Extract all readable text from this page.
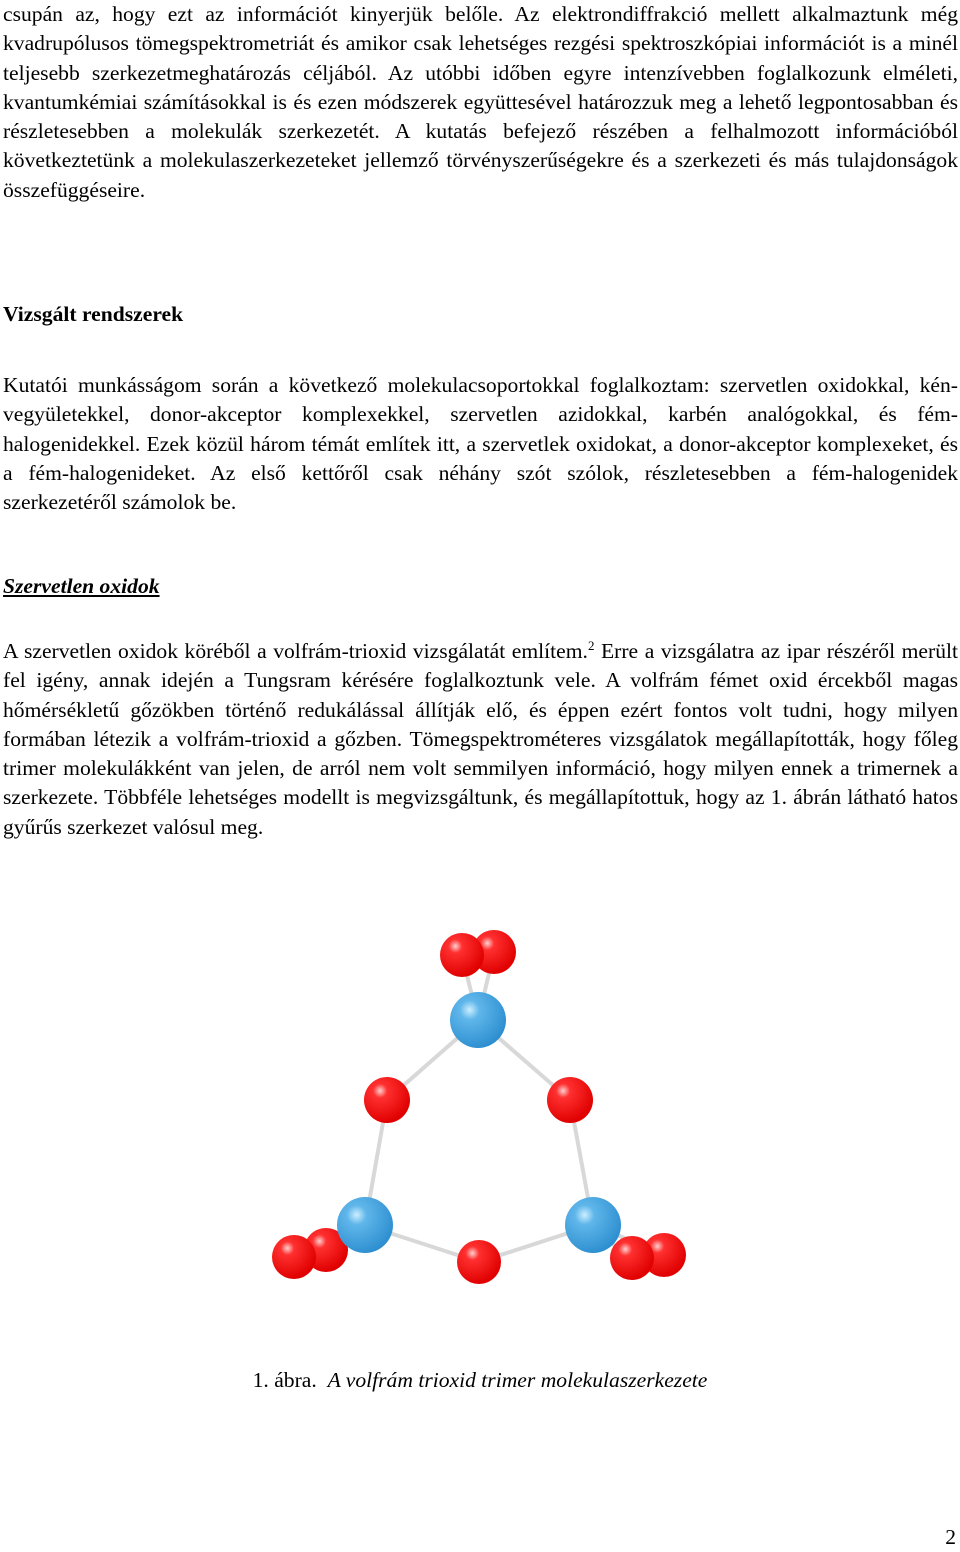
csupán az, hogy ezt az információt kinyerjük belőle. Az elektrondiffrakció mellett alkalmaztunk még kvadrupólusos tömegspektrometriát és amikor csak lehetséges rezgési spektroszkópiai információt is a minél teljesebb szerkezetmeghatározás céljából. Az utóbbi időben egyre intenzívebben foglalkozunk elméleti, kvantumkémiai számításokkal is és ezen módszerek együttesével határozzuk meg a lehető legpontosabban és részletesebben a molekulák szerkezetét. A kutatás befejező részében a felhalmozott információból következtetünk a molekulaszerkezeteket jellemző törvényszerűségekre és a szerkezeti és más tulajdonságok összefüggéseire.

Vizsgált rendszerek

Kutatói munkásságom során a következő molekulacsoportokkal foglalkoztam: szervetlen oxidokkal, kén-vegyületekkel, donor-akceptor komplexekkel, szervetlen azidokkal, karbén analógokkal, és fém-halogenidekkel. Ezek közül három témát említek itt, a szervetlek oxidokat, a donor-akceptor komplexeket, és a fém-halogenideket. Az első kettőről csak néhány szót szólok, részletesebben a fém-halogenidek szerkezetéről számolok be.

Szervetlen oxidok

A szervetlen oxidok köréből a volfrám-trioxid vizsgálatát említem.$^2$ Erre a vizsgálatra az ipar részéről merült fel igény, annak idején a Tungsram kérésére foglalkoztunk vele. A volfrám fémet oxid ércekből magas hőmérsékletű gőzökben történő redukálással állítják elő, és éppen ezért fontos volt tudni, hogy milyen formában létezik a volfrám-trioxid a gőzben. Tömegspektrométeres vizsgálatok megállapították, hogy főleg trimer molekulákként van jelen, de arról nem volt semmilyen információ, hogy milyen ennek a trimernek a szerkezete. Többféle lehetséges modellt is megvizsgáltunk, és megállapítottuk, hogy az 1. ábrán látható hatos gyűrűs szerkezet valósul meg.

1. ábra. A volfrám trioxid trimer molekulaszerkezete

2
